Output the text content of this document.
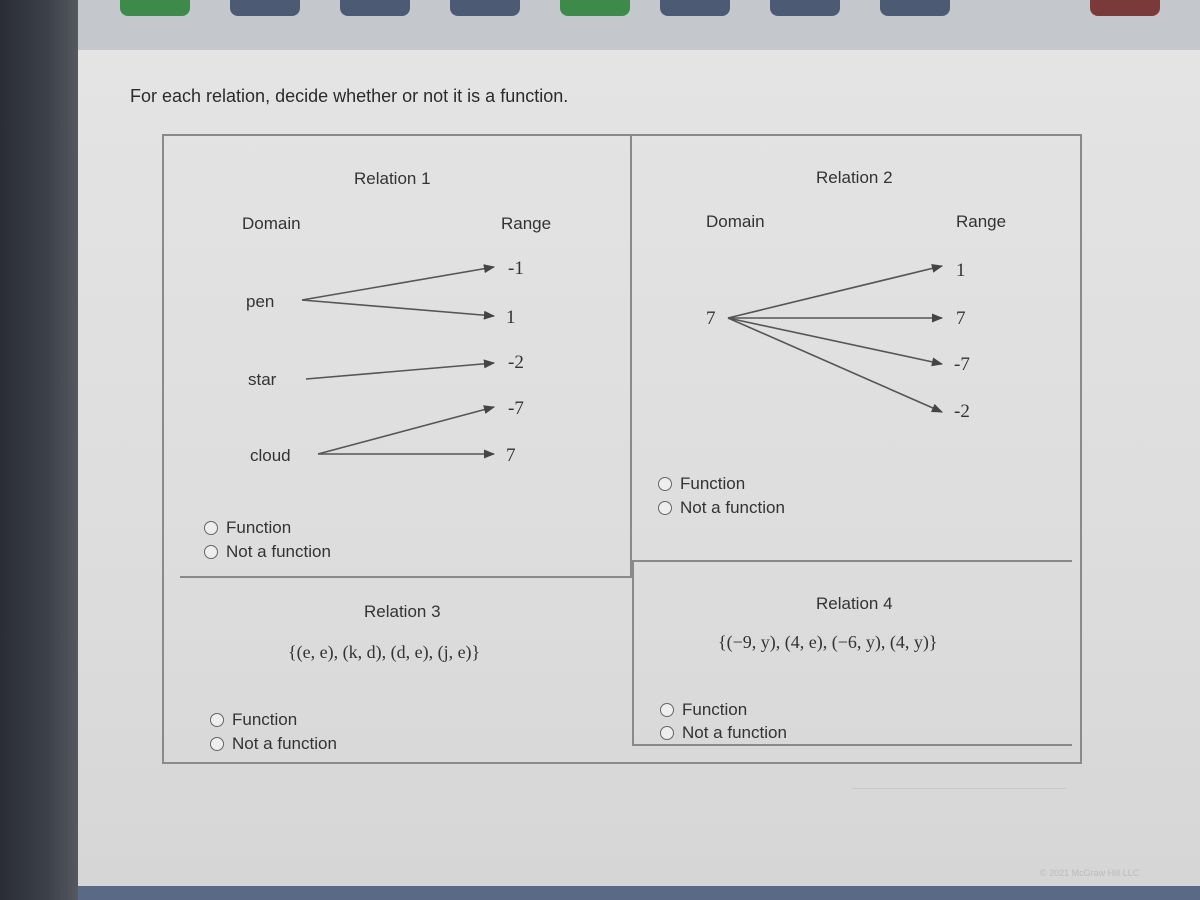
For each relation, decide whether or not it is a function.
Relation 1
Domain	Range
pen
star
cloud
-1
1
-2
-7
7
Function
Not a function
Relation 2
Domain	Range
7
1
7
-7
-2
Function
Not a function
Relation 3
{(e, e), (k, d), (d, e), (j, e)}
Function
Not a function
Relation 4
{(−9, y), (4, e), (−6, y), (4, y)}
Function
Not a function
© 2021 McGraw Hill LLC
